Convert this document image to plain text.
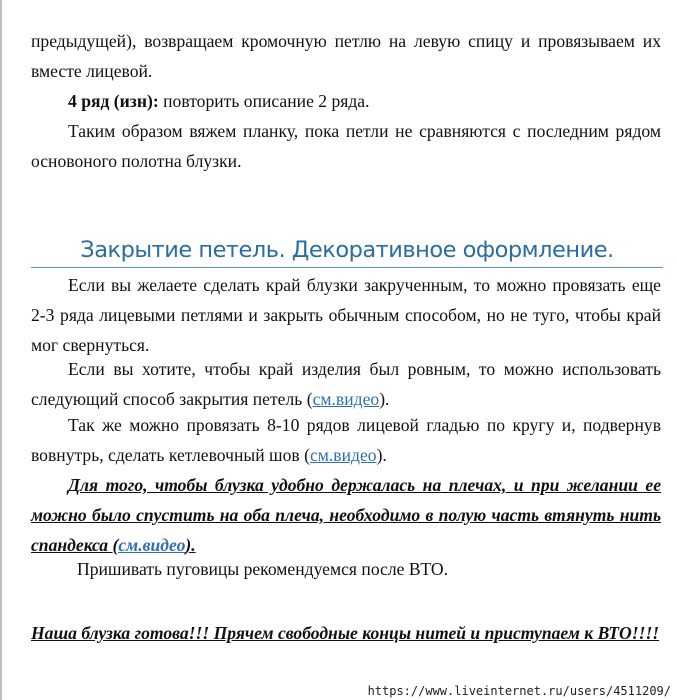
предыдущей), возвращаем кромочную петлю на левую спицу и провязываем их вместе лицевой.

4 ряд (изн): повторить описание 2 ряда.

Таким образом вяжем планку, пока петли не сравняются с последним рядом основоного полотна блузки.

Закрытие петель. Декоративное оформление.

Если вы желаете сделать край блузки закрученным, то можно провязать еще 2-3 ряда лицевыми петлями и закрыть обычным способом, но не туго, чтобы край мог свернуться.

Если вы хотите, чтобы край изделия был ровным, то можно использовать следующий способ закрытия петель (см.видео).

Так же можно провязать 8-10 рядов лицевой гладью по кругу и, подвернув вовнутрь, сделать кетлевочный шов (см.видео).

Для того, чтобы блузка удобно держалась на плечах, и при желании ее можно было спустить на оба плеча, необходимо в полую часть втянуть нить спандекса (см.видео).

Пришивать пуговицы рекомендуемся после ВТО.

Наша блузка готова!!! Прячем свободные концы нитей и приступаем к ВТО!!!!

https://www.liveinternet.ru/users/4511209/
